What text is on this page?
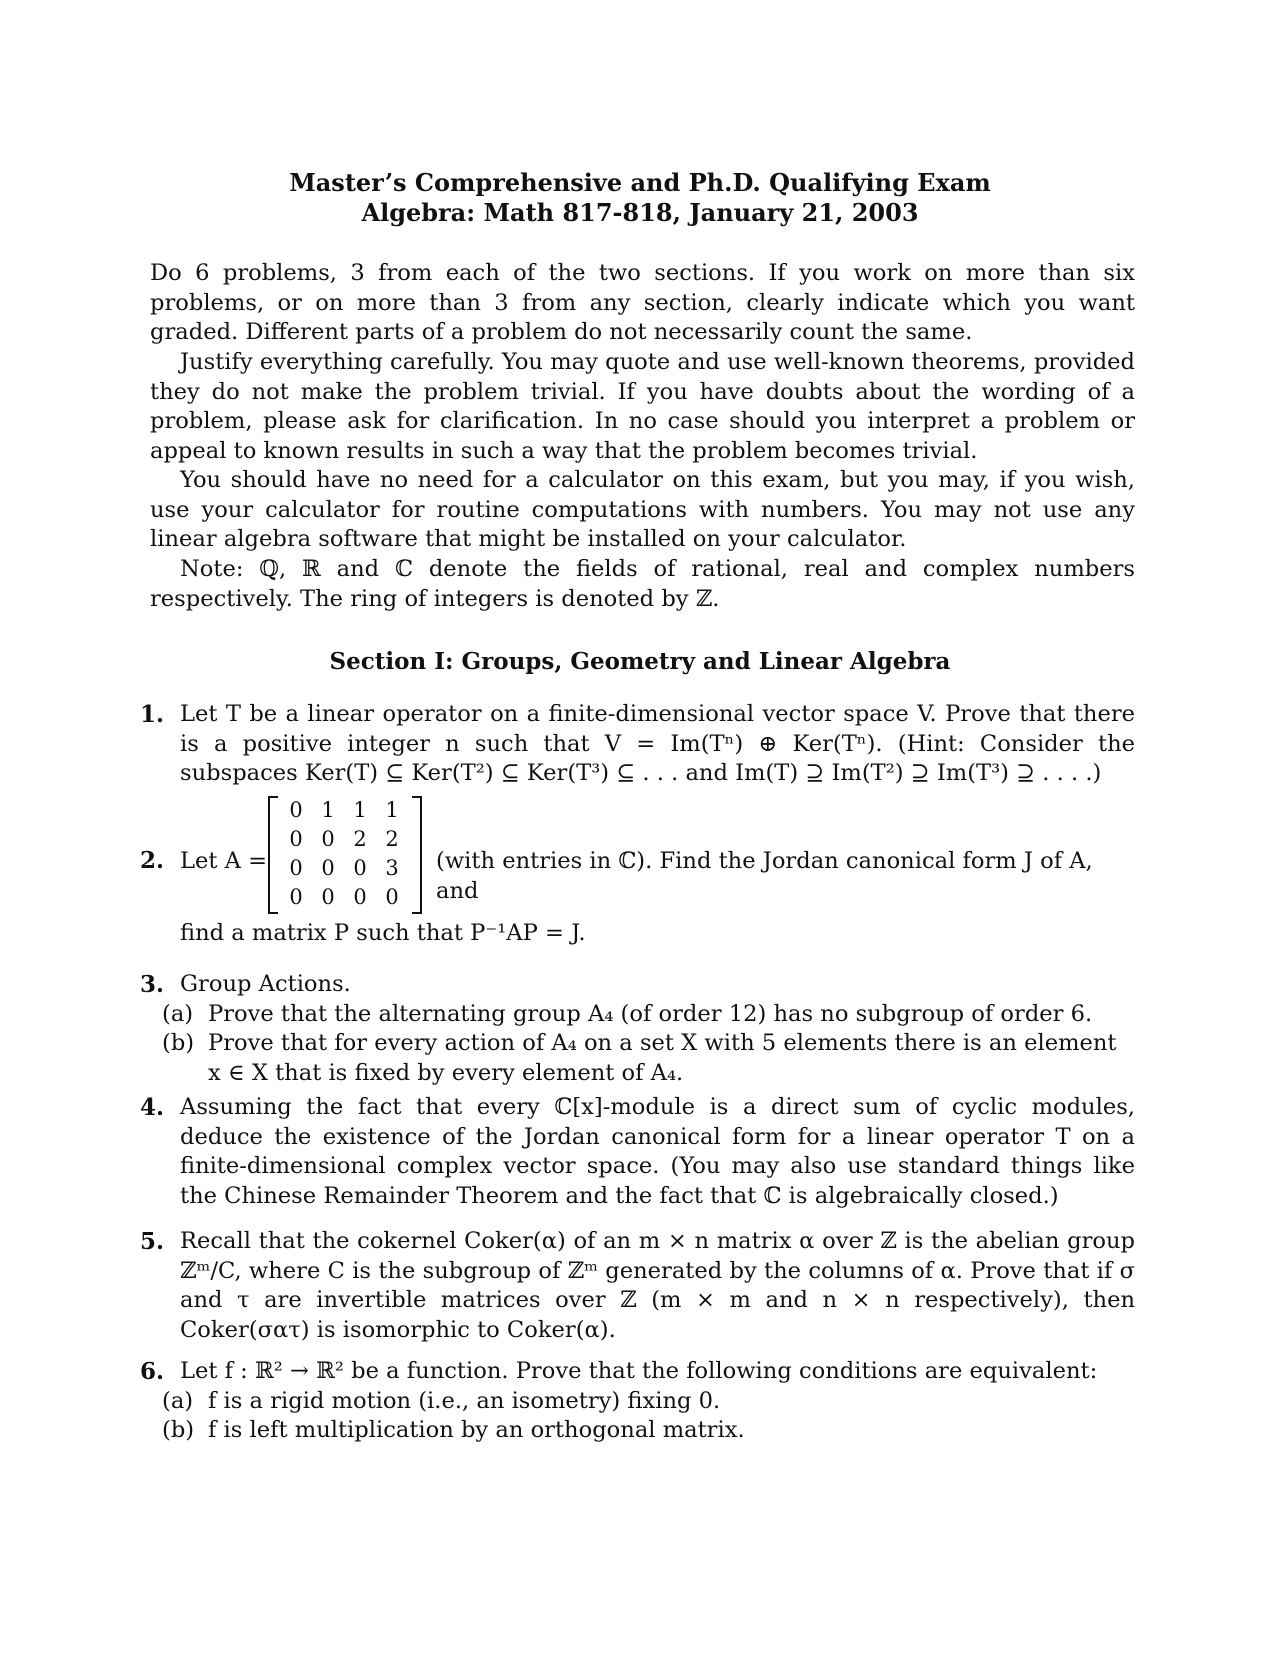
Master’s Comprehensive and Ph.D. Qualifying Exam
Algebra: Math 817-818, January 21, 2003
Do 6 problems, 3 from each of the two sections. If you work on more than six problems, or on more than 3 from any section, clearly indicate which you want graded. Different parts of a problem do not necessarily count the same.
Justify everything carefully. You may quote and use well-known theorems, provided they do not make the problem trivial. If you have doubts about the wording of a problem, please ask for clarification. In no case should you interpret a problem or appeal to known results in such a way that the problem becomes trivial.
You should have no need for a calculator on this exam, but you may, if you wish, use your calculator for routine computations with numbers. You may not use any linear algebra software that might be installed on your calculator.
Note: ℚ, ℝ and ℂ denote the fields of rational, real and complex numbers respectively. The ring of integers is denoted by ℤ.
Section I: Groups, Geometry and Linear Algebra
1. Let T be a linear operator on a finite-dimensional vector space V. Prove that there is a positive integer n such that V = Im(Tⁿ) ⊕ Ker(Tⁿ). (Hint: Consider the subspaces Ker(T) ⊆ Ker(T²) ⊆ Ker(T³) ⊆ . . . and Im(T) ⊇ Im(T²) ⊇ Im(T³) ⊇ . . . .)
2. Let A =
0 1 1 1
0 0 2 2
0 0 0 3
0 0 0 0
(with entries in ℂ). Find the Jordan canonical form J of A, and
find a matrix P such that P⁻¹AP = J.
3. Group Actions.
(a) Prove that the alternating group A₄ (of order 12) has no subgroup of order 6.
(b) Prove that for every action of A₄ on a set X with 5 elements there is an element x ∈ X that is fixed by every element of A₄.
4. Assuming the fact that every ℂ[x]-module is a direct sum of cyclic modules, deduce the existence of the Jordan canonical form for a linear operator T on a finite-dimensional complex vector space. (You may also use standard things like the Chinese Remainder Theorem and the fact that ℂ is algebraically closed.)
5. Recall that the cokernel Coker(α) of an m × n matrix α over ℤ is the abelian group ℤᵐ/C, where C is the subgroup of ℤᵐ generated by the columns of α. Prove that if σ and τ are invertible matrices over ℤ (m × m and n × n respectively), then Coker(σατ) is isomorphic to Coker(α).
6. Let f : ℝ² → ℝ² be a function. Prove that the following conditions are equivalent:
(a) f is a rigid motion (i.e., an isometry) fixing 0.
(b) f is left multiplication by an orthogonal matrix.
